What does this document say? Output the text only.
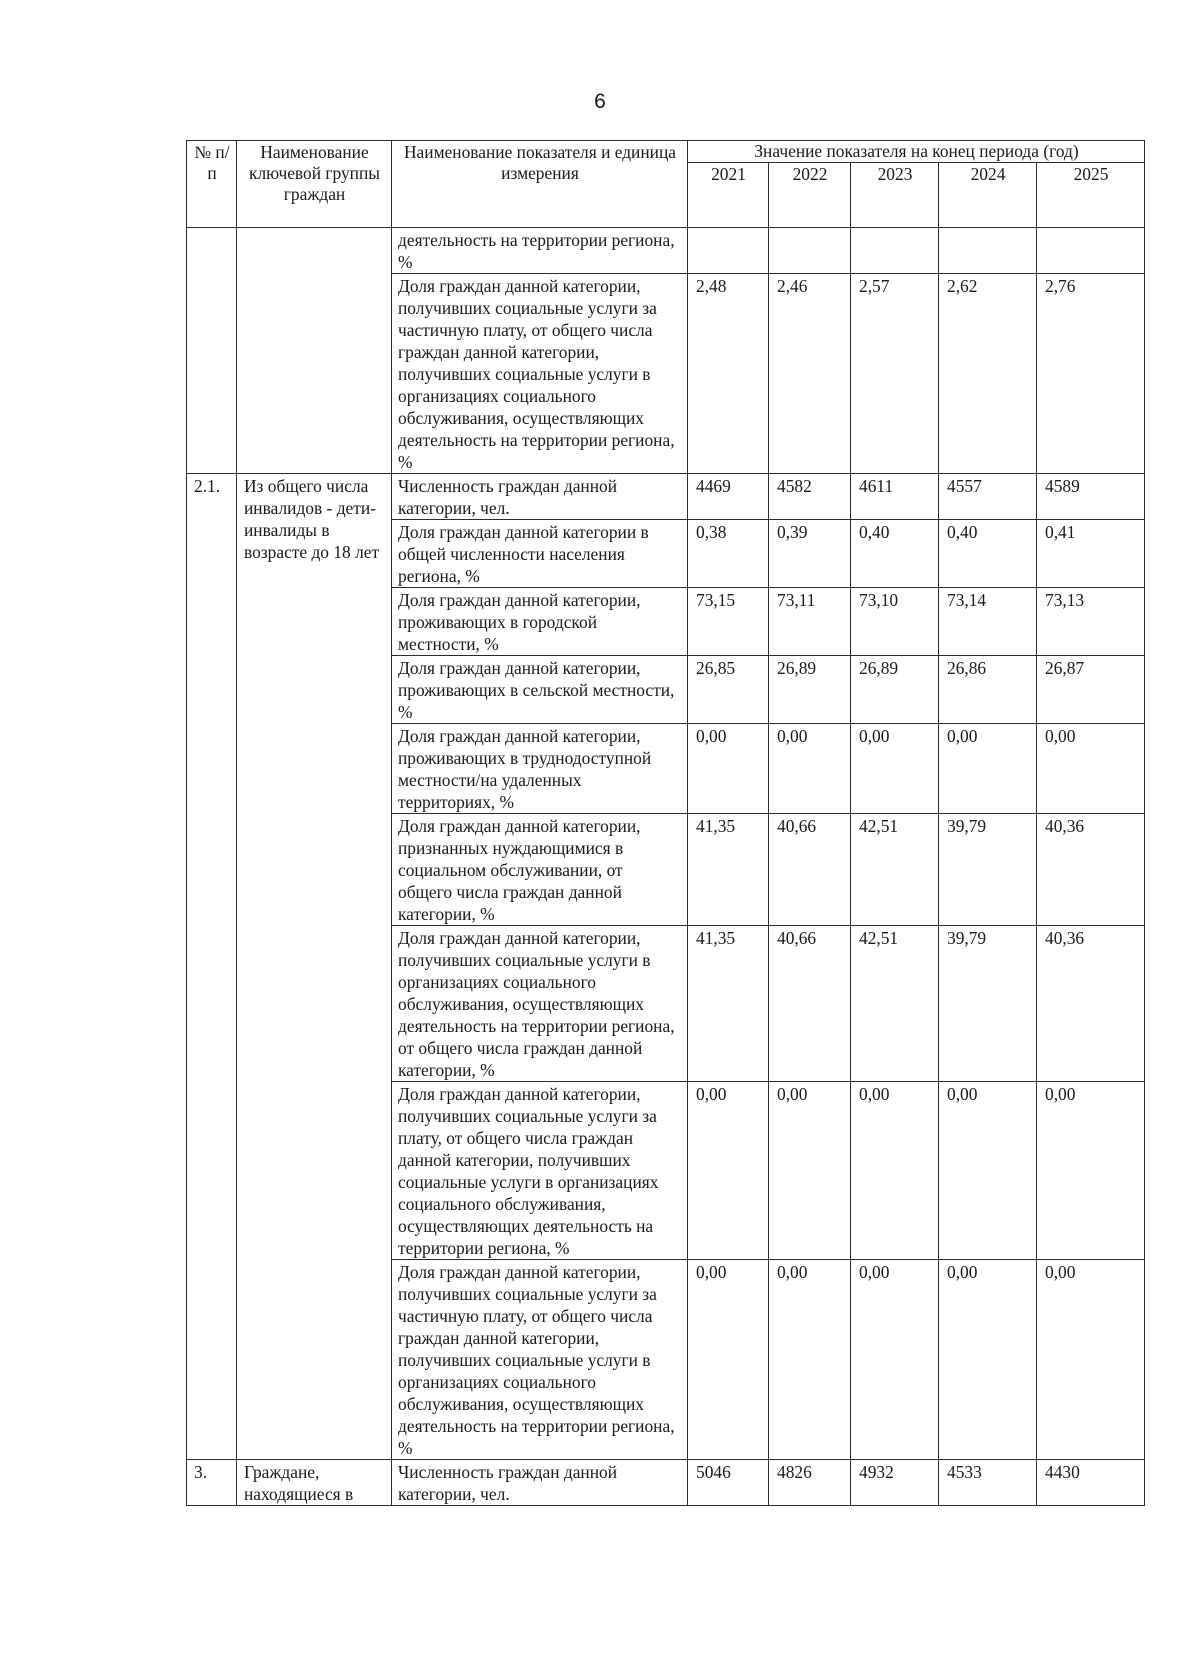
6
№ п/п	Наименование ключевой группы граждан	Наименование показателя и единица измерения	Значение показателя на конец периода (год)				
			2021	2022	2023	2024	2025
		деятельность на территории региона, %					
		Доля граждан данной категории, получивших социальные услуги за частичную плату, от общего числа граждан данной категории, получивших социальные услуги в организациях социального обслуживания, осуществляющих деятельность на территории региона, %	2,48	2,46	2,57	2,62	2,76
2.1.	Из общего числа инвалидов - дети-инвалиды в возрасте до 18 лет	Численность граждан данной категории, чел.	4469	4582	4611	4557	4589
		Доля граждан данной категории в общей численности населения региона, %	0,38	0,39	0,40	0,40	0,41
		Доля граждан данной категории, проживающих в городской местности, %	73,15	73,11	73,10	73,14	73,13
		Доля граждан данной категории, проживающих в сельской местности, %	26,85	26,89	26,89	26,86	26,87
		Доля граждан данной категории, проживающих в труднодоступной местности/на удаленных территориях, %	0,00	0,00	0,00	0,00	0,00
		Доля граждан данной категории, признанных нуждающимися в социальном обслуживании, от общего числа граждан данной категории, %	41,35	40,66	42,51	39,79	40,36
		Доля граждан данной категории, получивших социальные услуги в организациях социального обслуживания, осуществляющих деятельность на территории региона, от общего числа граждан данной категории, %	41,35	40,66	42,51	39,79	40,36
		Доля граждан данной категории, получивших социальные услуги за плату, от общего числа граждан данной категории, получивших социальные услуги в организациях социального обслуживания, осуществляющих деятельность на территории региона, %	0,00	0,00	0,00	0,00	0,00
		Доля граждан данной категории, получивших социальные услуги за частичную плату, от общего числа граждан данной категории, получивших социальные услуги в организациях социального обслуживания, осуществляющих деятельность на территории региона, %	0,00	0,00	0,00	0,00	0,00
3.	Граждане, находящиеся в	Численность граждан данной категории, чел.	5046	4826	4932	4533	4430
